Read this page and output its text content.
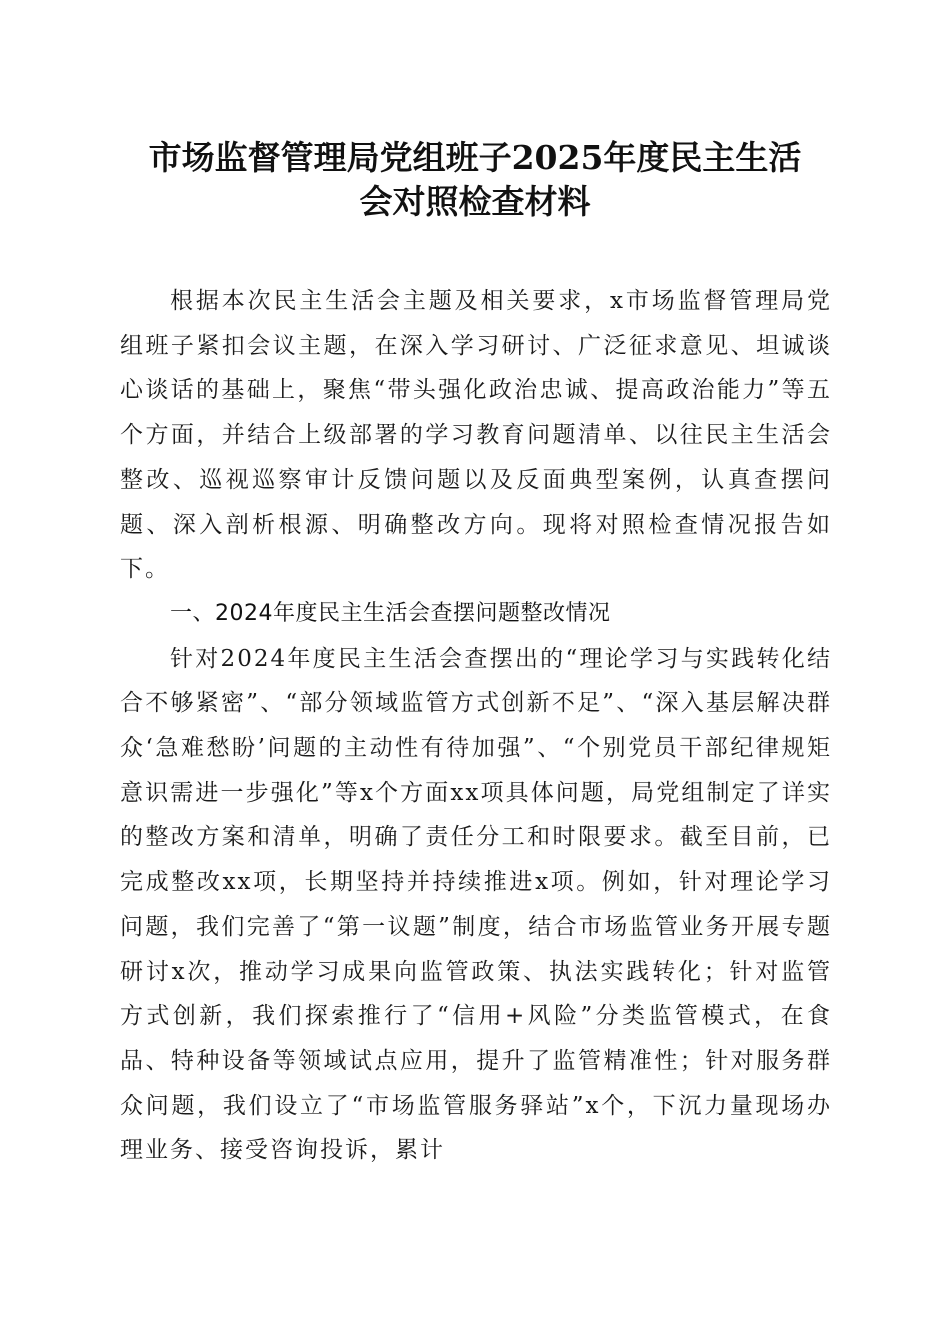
市场监督管理局党组班子2025年度民主生活
会对照检查材料

根据本次民主生活会主题及相关要求，x市场监督管理局党组班子紧扣会议主题，在深入学习研讨、广泛征求意见、坦诚谈心谈话的基础上，聚焦“带头强化政治忠诚、提高政治能力”等五个方面，并结合上级部署的学习教育问题清单、以往民主生活会整改、巡视巡察审计反馈问题以及反面典型案例，认真查摆问题、深入剖析根源、明确整改方向。现将对照检查情况报告如下。

一、2024年度民主生活会查摆问题整改情况

针对2024年度民主生活会查摆出的“理论学习与实践转化结合不够紧密”、“部分领域监管方式创新不足”、“深入基层解决群众‘急难愁盼’问题的主动性有待加强”、“个别党员干部纪律规矩意识需进一步强化”等x个方面xx项具体问题，局党组制定了详实的整改方案和清单，明确了责任分工和时限要求。截至目前，已完成整改xx项，长期坚持并持续推进x项。例如，针对理论学习问题，我们完善了“第一议题”制度，结合市场监管业务开展专题研讨x次，推动学习成果向监管政策、执法实践转化；针对监管方式创新，我们探索推行了“信用+风险”分类监管模式，在食品、特种设备等领域试点应用，提升了监管精准性；针对服务群众问题，我们设立了“市场监管服务驿站”x个，下沉力量现场办理业务、接受咨询投诉，累计
